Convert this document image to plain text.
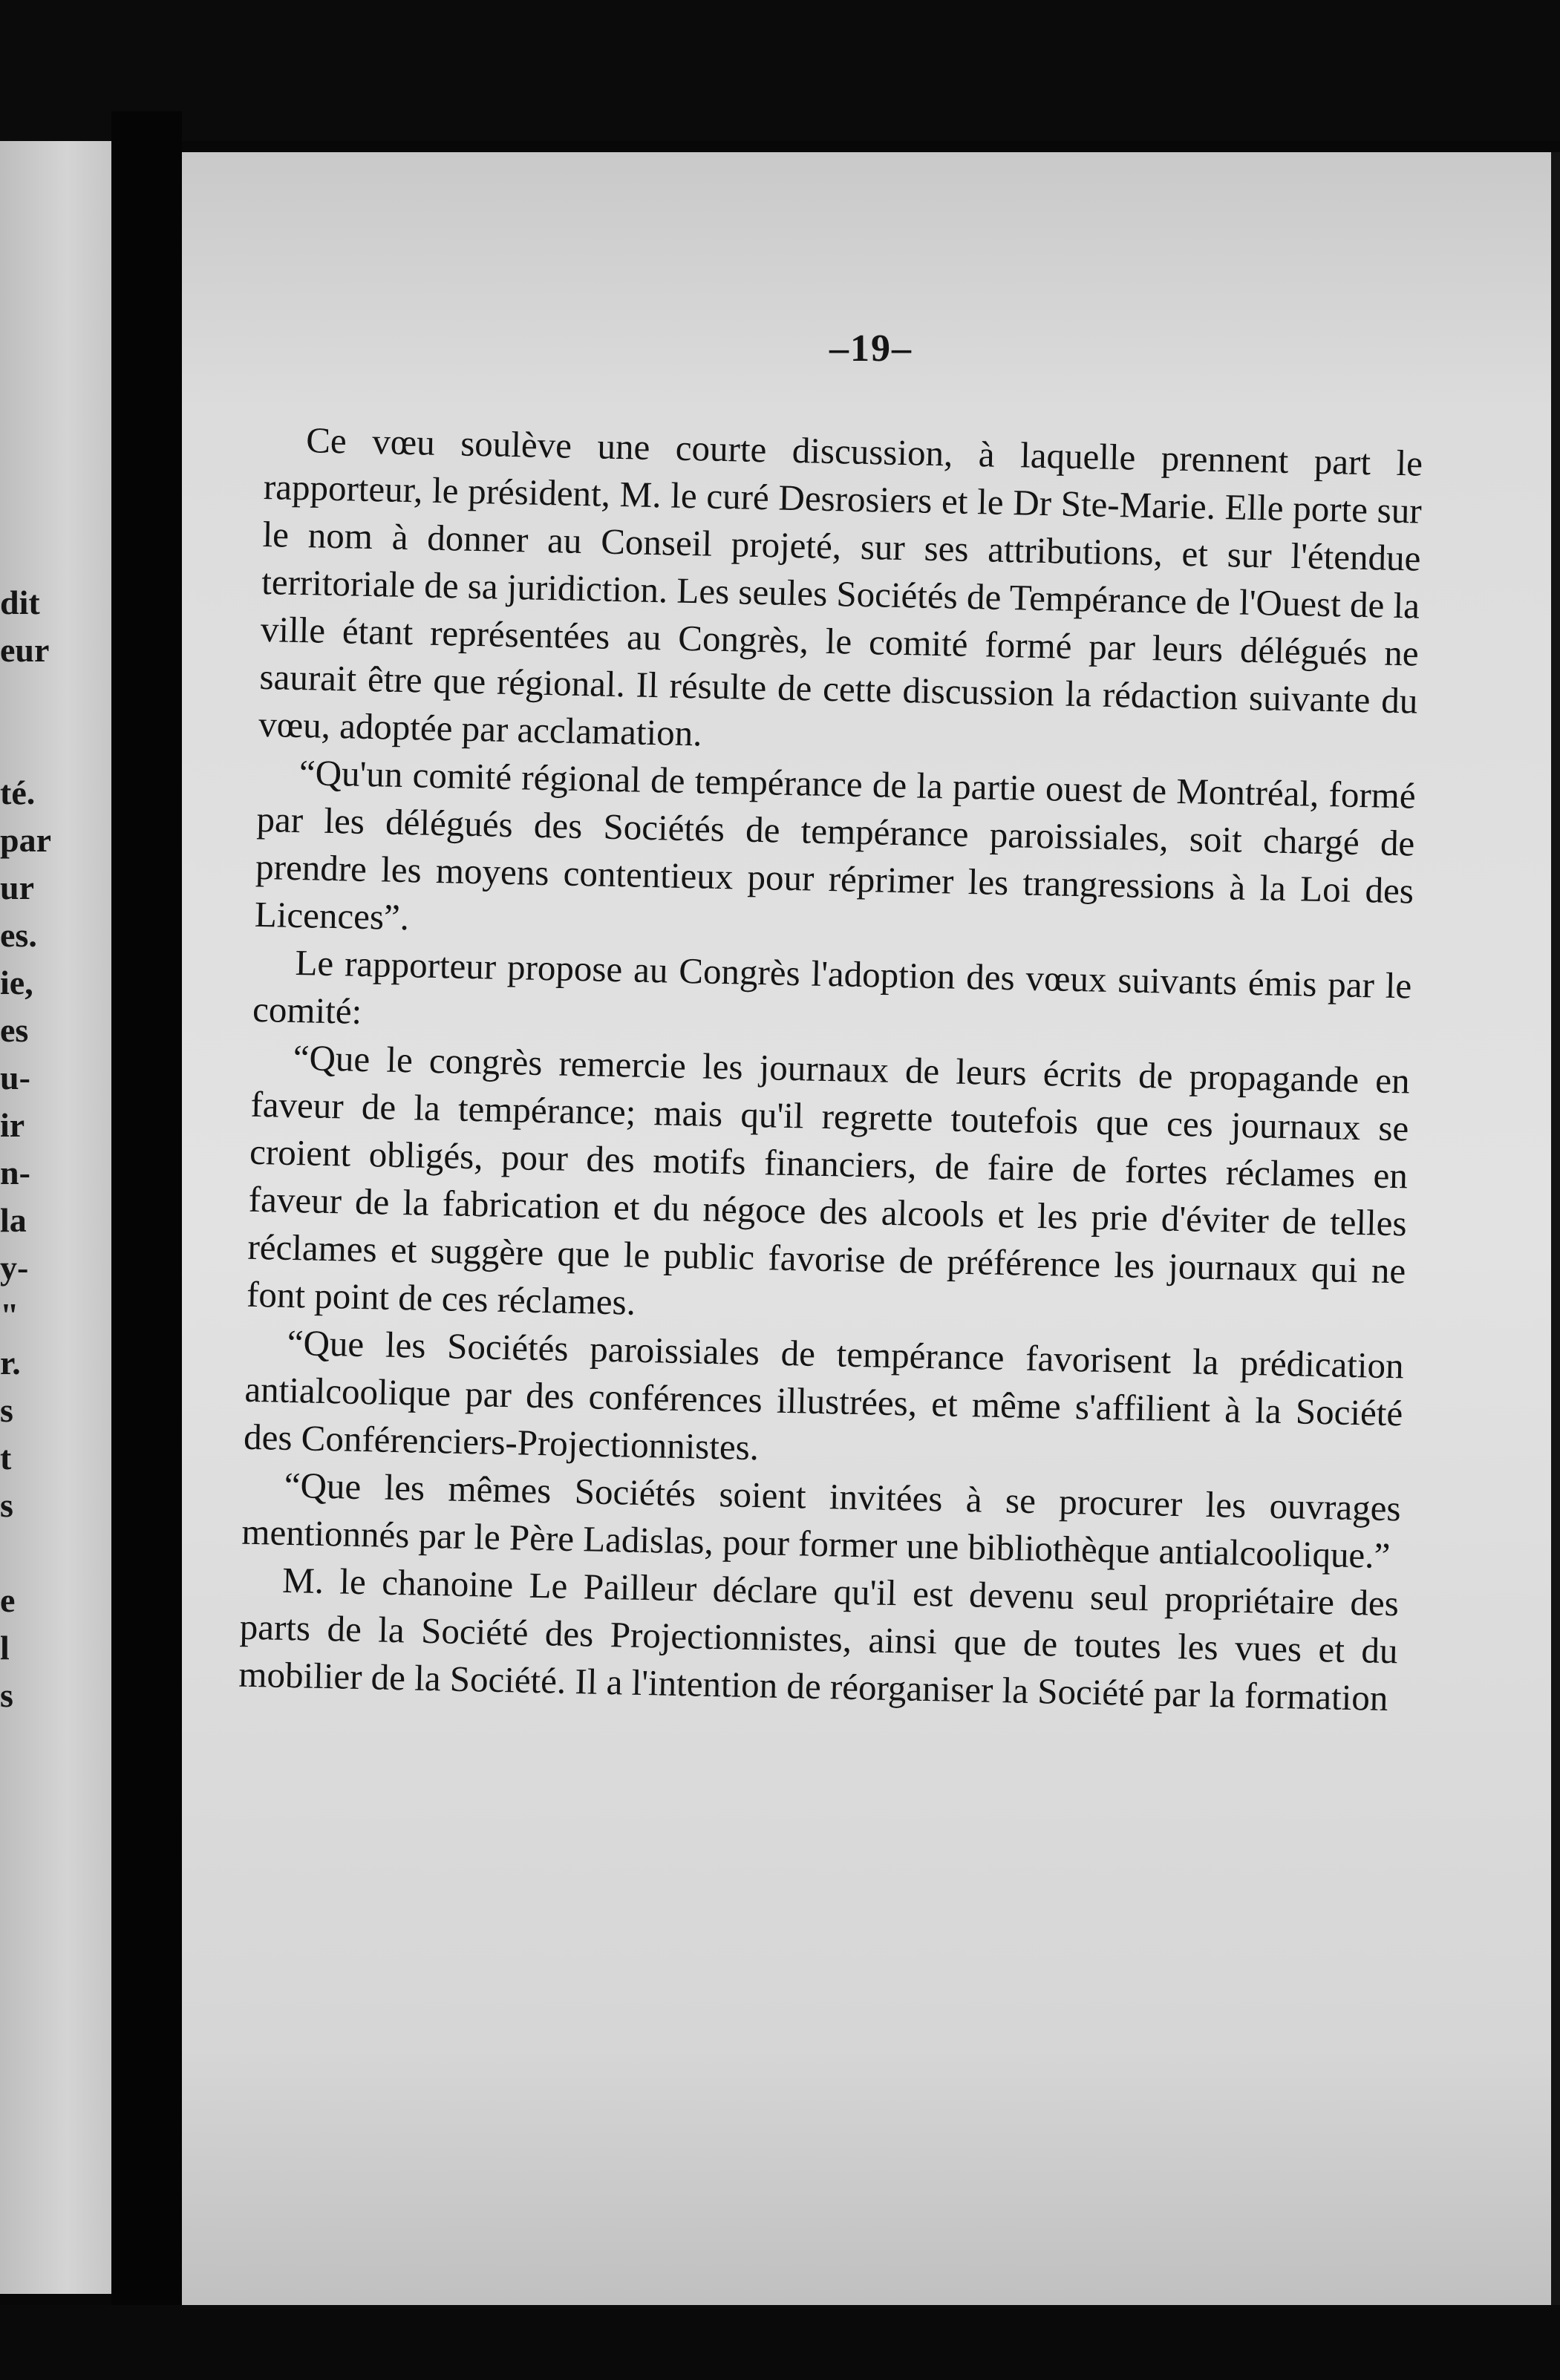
dit
eur
té.
par
ur
es.
ie,
es
u-
ir
n-
la
y-
"
r.
s
t
s
e
l
s
–19–

Ce vœu soulève une courte discussion, à laquelle prennent part le rapporteur, le président, M. le curé Desrosiers et le Dr Ste-Marie. Elle porte sur le nom à donner au Conseil projeté, sur ses attributions, et sur l'étendue territoriale de sa juridiction. Les seules Sociétés de Tempérance de l'Ouest de la ville étant représentées au Congrès, le comité formé par leurs délégués ne saurait être que régional. Il résulte de cette discussion la rédaction suivante du vœu, adoptée par acclamation.

“Qu'un comité régional de tempérance de la partie ouest de Montréal, formé par les délégués des Sociétés de tempérance paroissiales, soit chargé de prendre les moyens contentieux pour réprimer les trangressions à la Loi des Licences”.

Le rapporteur propose au Congrès l'adoption des vœux suivants émis par le comité:

“Que le congrès remercie les journaux de leurs écrits de propagande en faveur de la tempérance; mais qu'il regrette toutefois que ces journaux se croient obligés, pour des motifs financiers, de faire de fortes réclames en faveur de la fabrication et du négoce des alcools et les prie d'éviter de telles réclames et suggère que le public favorise de préférence les journaux qui ne font point de ces réclames.

“Que les Sociétés paroissiales de tempérance favorisent la prédication antialcoolique par des conférences illustrées, et même s'affilient à la Société des Conférenciers-Projectionnistes.

“Que les mêmes Sociétés soient invitées à se procurer les ouvrages mentionnés par le Père Ladislas, pour former une bibliothèque antialcoolique.”

M. le chanoine Le Pailleur déclare qu'il est devenu seul propriétaire des parts de la Société des Projectionnistes, ainsi que de toutes les vues et du mobilier de la Société. Il a l'intention de réorganiser la Société par la formation
